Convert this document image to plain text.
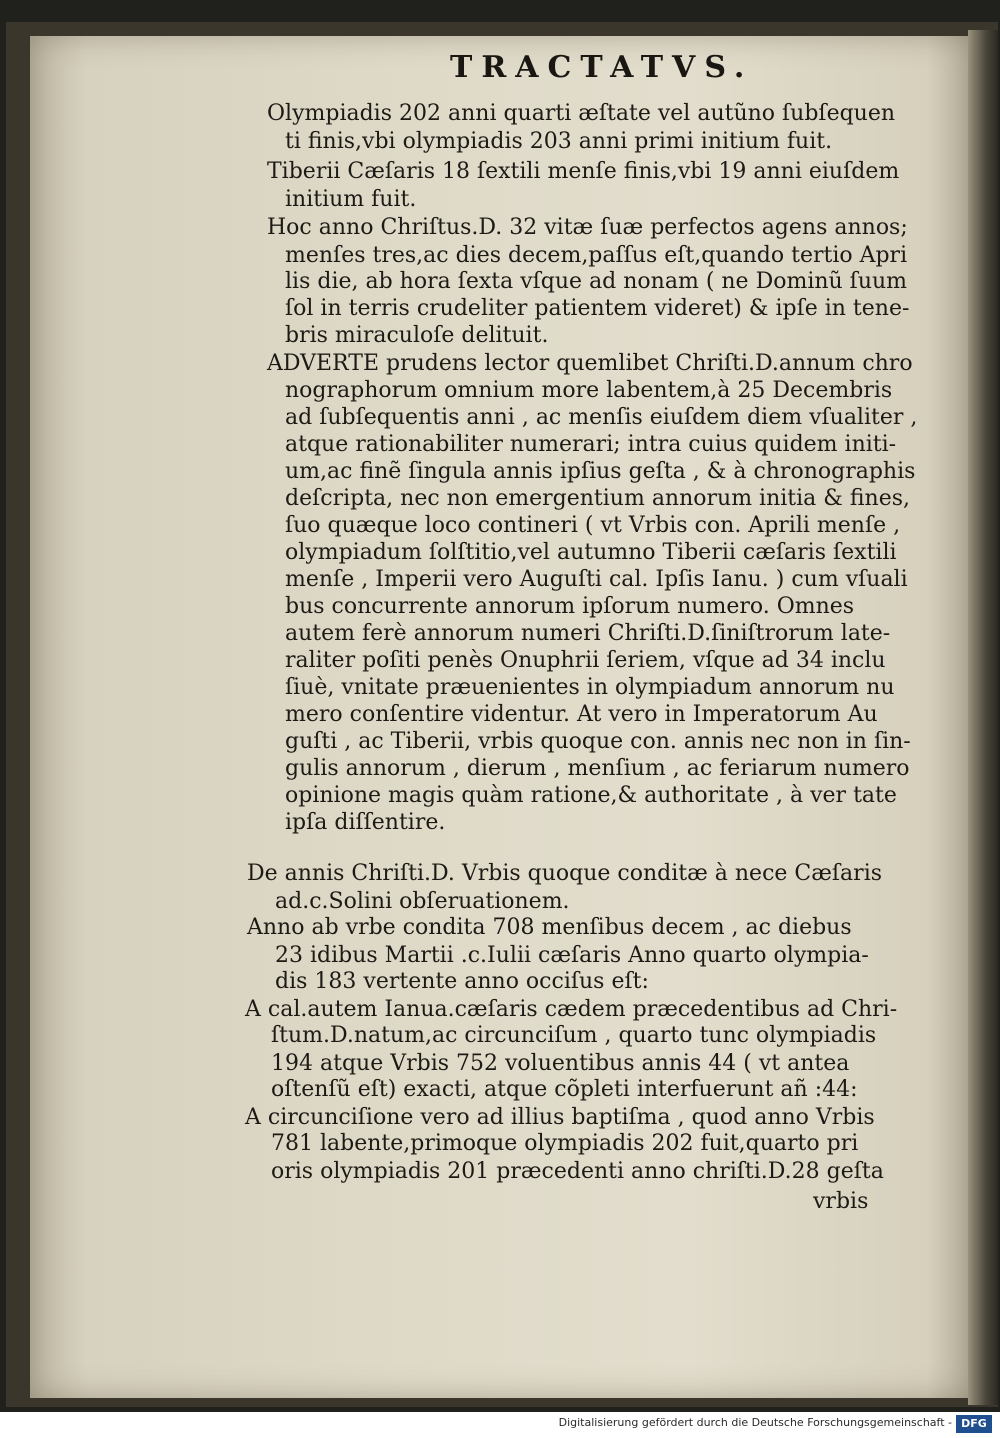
TRACTATVS.
Olympiadis 202 anni quarti æſtate vel autũno ſubſequen
ti finis,vbi olympiadis 203 anni primi initium fuit.
Tiberii Cæſaris 18 ſextili menſe finis,vbi 19 anni eiuſdem
initium fuit.
Hoc anno Chriſtus.D. 32 vitæ ſuæ perfectos agens annos;
menſes tres,ac dies decem,paſſus eſt,quando tertio Apri
lis die, ab hora ſexta vſque ad nonam ( ne Dominũ ſuum
ſol in terris crudeliter patientem videret) & ipſe in tene-
bris miraculoſe delituit.
ADVERTE prudens lector quemlibet Chriſti.D.annum chro
nographorum omnium more labentem,à 25 Decembris
ad ſubſequentis anni , ac menſis eiuſdem diem vſualiter ,
atque rationabiliter numerari; intra cuius quidem initi-
um,ac finẽ ſingula annis ipſius geſta , & à chronographis
deſcripta, nec non emergentium annorum initia & fines,
ſuo quæque loco contineri ( vt Vrbis con. Aprili menſe ,
olympiadum ſolſtitio,vel autumno Tiberii cæſaris ſextili
menſe , Imperii vero Auguſti cal. Ipſis Ianu. ) cum vſuali
bus concurrente annorum ipſorum numero. Omnes
autem ferè annorum numeri Chriſti.D.ſiniſtrorum late-
raliter poſiti penès Onuphrii ſeriem, vſque ad 34 inclu
ſiuè, vnitate præuenientes in olympiadum annorum nu
mero conſentire videntur. At vero in Imperatorum Au
guſti , ac Tiberii, vrbis quoque con. annis nec non in ſin-
gulis annorum , dierum , menſium , ac feriarum numero
opinione magis quàm ratione,& authoritate , à ver tate
ipſa diſſentire.
De annis Chriſti.D. Vrbis quoque conditæ à nece Cæſaris
ad.c.Solini obſeruationem.
Anno ab vrbe condita 708 menſibus decem , ac diebus
23 idibus Martii .c.Iulii cæſaris Anno quarto olympia-
dis 183 vertente anno occiſus eſt:
A cal.autem Ianua.cæſaris cædem præcedentibus ad Chri-
ſtum.D.natum,ac circunciſum , quarto tunc olympiadis
194 atque Vrbis 752 voluentibus annis 44 ( vt antea
oſtenſũ eſt) exacti, atque cõpleti interfuerunt añ :44:
A circunciſione vero ad illius baptiſma , quod anno Vrbis
781 labente,primoque olympiadis 202 fuit,quarto pri
oris olympiadis 201 præcedenti anno chriſti.D.28 geſta
vrbis
Digitalisierung gefördert durch die Deutsche Forschungsgemeinschaft - DFG
